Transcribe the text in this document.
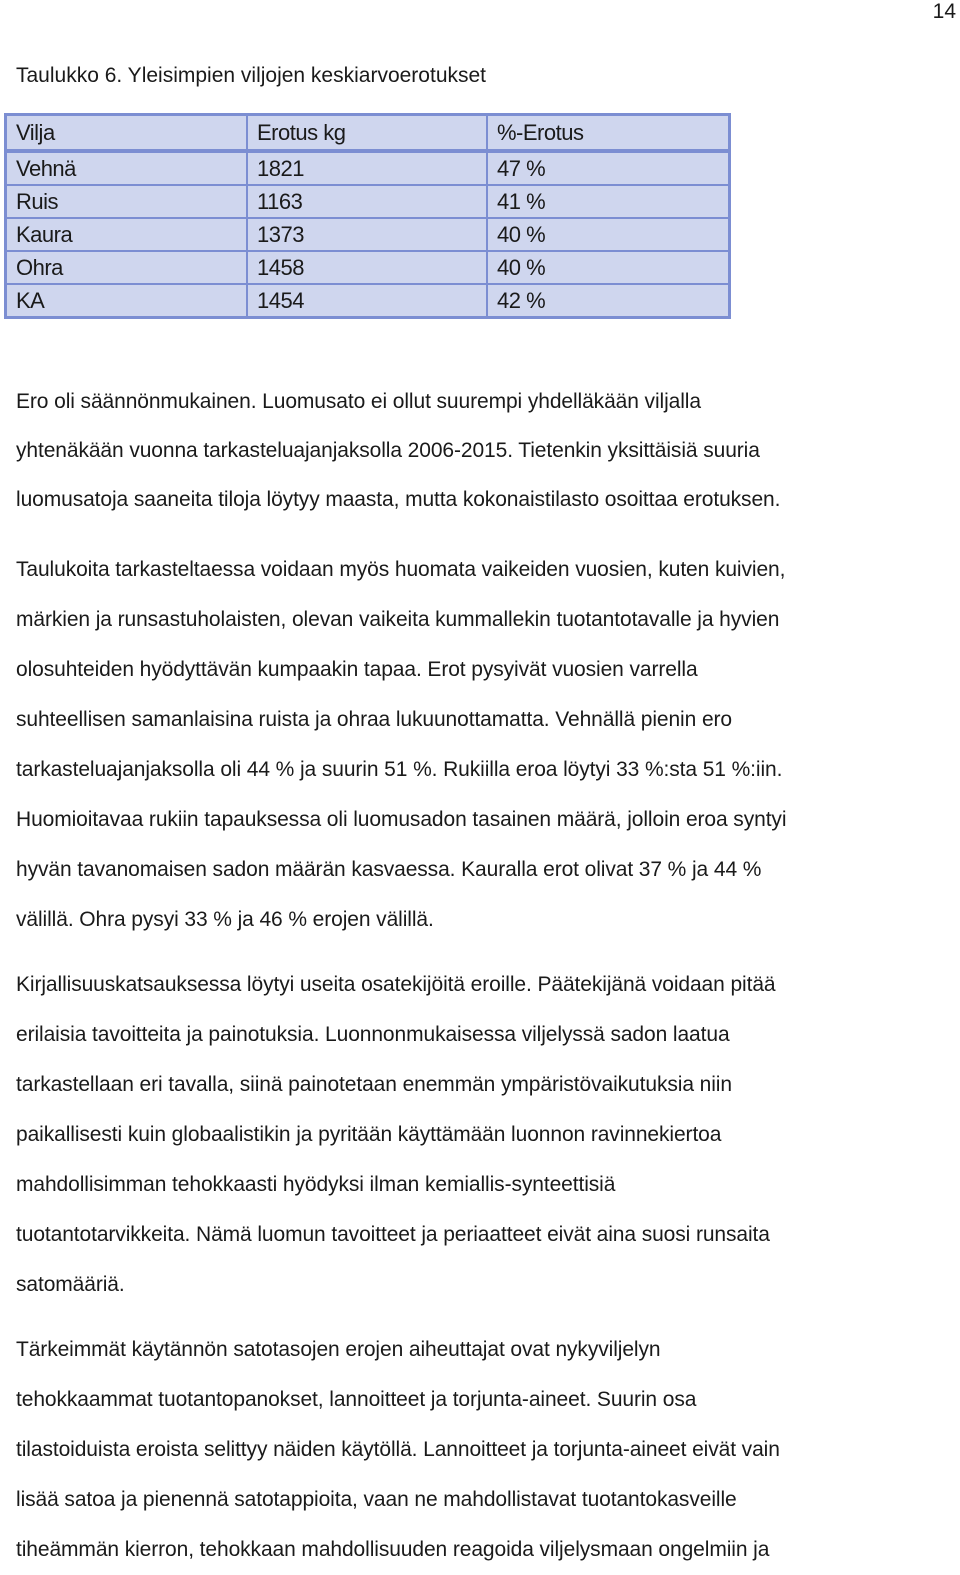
14
Taulukko 6. Yleisimpien viljojen keskiarvoerotukset
Vilja	Erotus kg	%-Erotus
Vehnä	1821	47 %
Ruis	1163	41 %
Kaura	1373	40 %
Ohra	1458	40 %
KA	1454	42 %
Ero oli säännönmukainen. Luomusato ei ollut suurempi yhdelläkään viljalla
yhtenäkään vuonna tarkasteluajanjaksolla 2006-2015. Tietenkin yksittäisiä suuria
luomusatoja saaneita tiloja löytyy maasta, mutta kokonaistilasto osoittaa erotuksen.
Taulukoita tarkasteltaessa voidaan myös huomata vaikeiden vuosien, kuten kuivien,
märkien ja runsastuholaisten, olevan vaikeita kummallekin tuotantotavalle ja hyvien
olosuhteiden hyödyttävän kumpaakin tapaa. Erot pysyivät vuosien varrella
suhteellisen samanlaisina ruista ja ohraa lukuunottamatta. Vehnällä pienin ero
tarkasteluajanjaksolla oli 44 % ja suurin 51 %. Rukiilla eroa löytyi 33 %:sta 51 %:iin.
Huomioitavaa rukiin tapauksessa oli luomusadon tasainen määrä, jolloin eroa syntyi
hyvän tavanomaisen sadon määrän kasvaessa. Kauralla erot olivat 37 % ja 44 %
välillä. Ohra pysyi 33 % ja 46 % erojen välillä.
Kirjallisuuskatsauksessa löytyi useita osatekijöitä eroille. Päätekijänä voidaan pitää
erilaisia tavoitteita ja painotuksia. Luonnonmukaisessa viljelyssä sadon laatua
tarkastellaan eri tavalla, siinä painotetaan enemmän ympäristövaikutuksia niin
paikallisesti kuin globaalistikin ja pyritään käyttämään luonnon ravinnekiertoa
mahdollisimman tehokkaasti hyödyksi ilman kemiallis-synteettisiä
tuotantotarvikkeita. Nämä luomun tavoitteet ja periaatteet eivät aina suosi runsaita
satomääriä.
Tärkeimmät käytännön satotasojen erojen aiheuttajat ovat nykyviljelyn
tehokkaammat tuotantopanokset, lannoitteet ja torjunta-aineet. Suurin osa
tilastoiduista eroista selittyy näiden käytöllä. Lannoitteet ja torjunta-aineet eivät vain
lisää satoa ja pienennä satotappioita, vaan ne mahdollistavat tuotantokasveille
tiheämmän kierron, tehokkaan mahdollisuuden reagoida viljelysmaan ongelmiin ja
